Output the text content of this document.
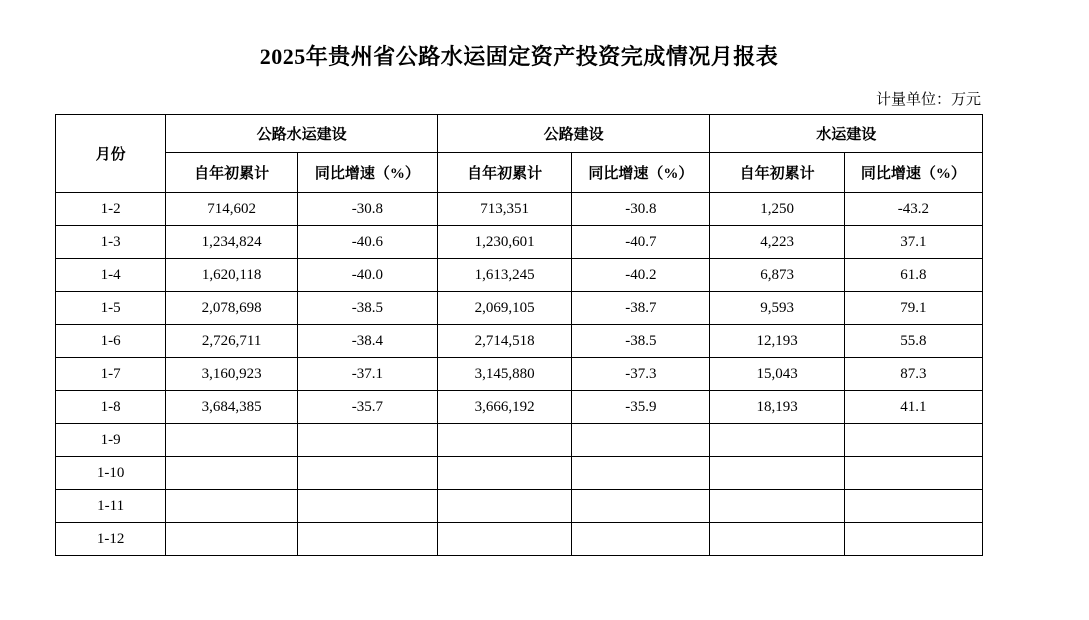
2025年贵州省公路水运固定资产投资完成情况月报表
计量单位：万元
月份	公路水运建设		公路建设		水运建设	
	自年初累计	同比增速（%）	自年初累计	同比增速（%）	自年初累计	同比增速（%）
1-2	714,602	-30.8	713,351	-30.8	1,250	-43.2
1-3	1,234,824	-40.6	1,230,601	-40.7	4,223	37.1
1-4	1,620,118	-40.0	1,613,245	-40.2	6,873	61.8
1-5	2,078,698	-38.5	2,069,105	-38.7	9,593	79.1
1-6	2,726,711	-38.4	2,714,518	-38.5	12,193	55.8
1-7	3,160,923	-37.1	3,145,880	-37.3	15,043	87.3
1-8	3,684,385	-35.7	3,666,192	-35.9	18,193	41.1
1-9						
1-10						
1-11						
1-12						
